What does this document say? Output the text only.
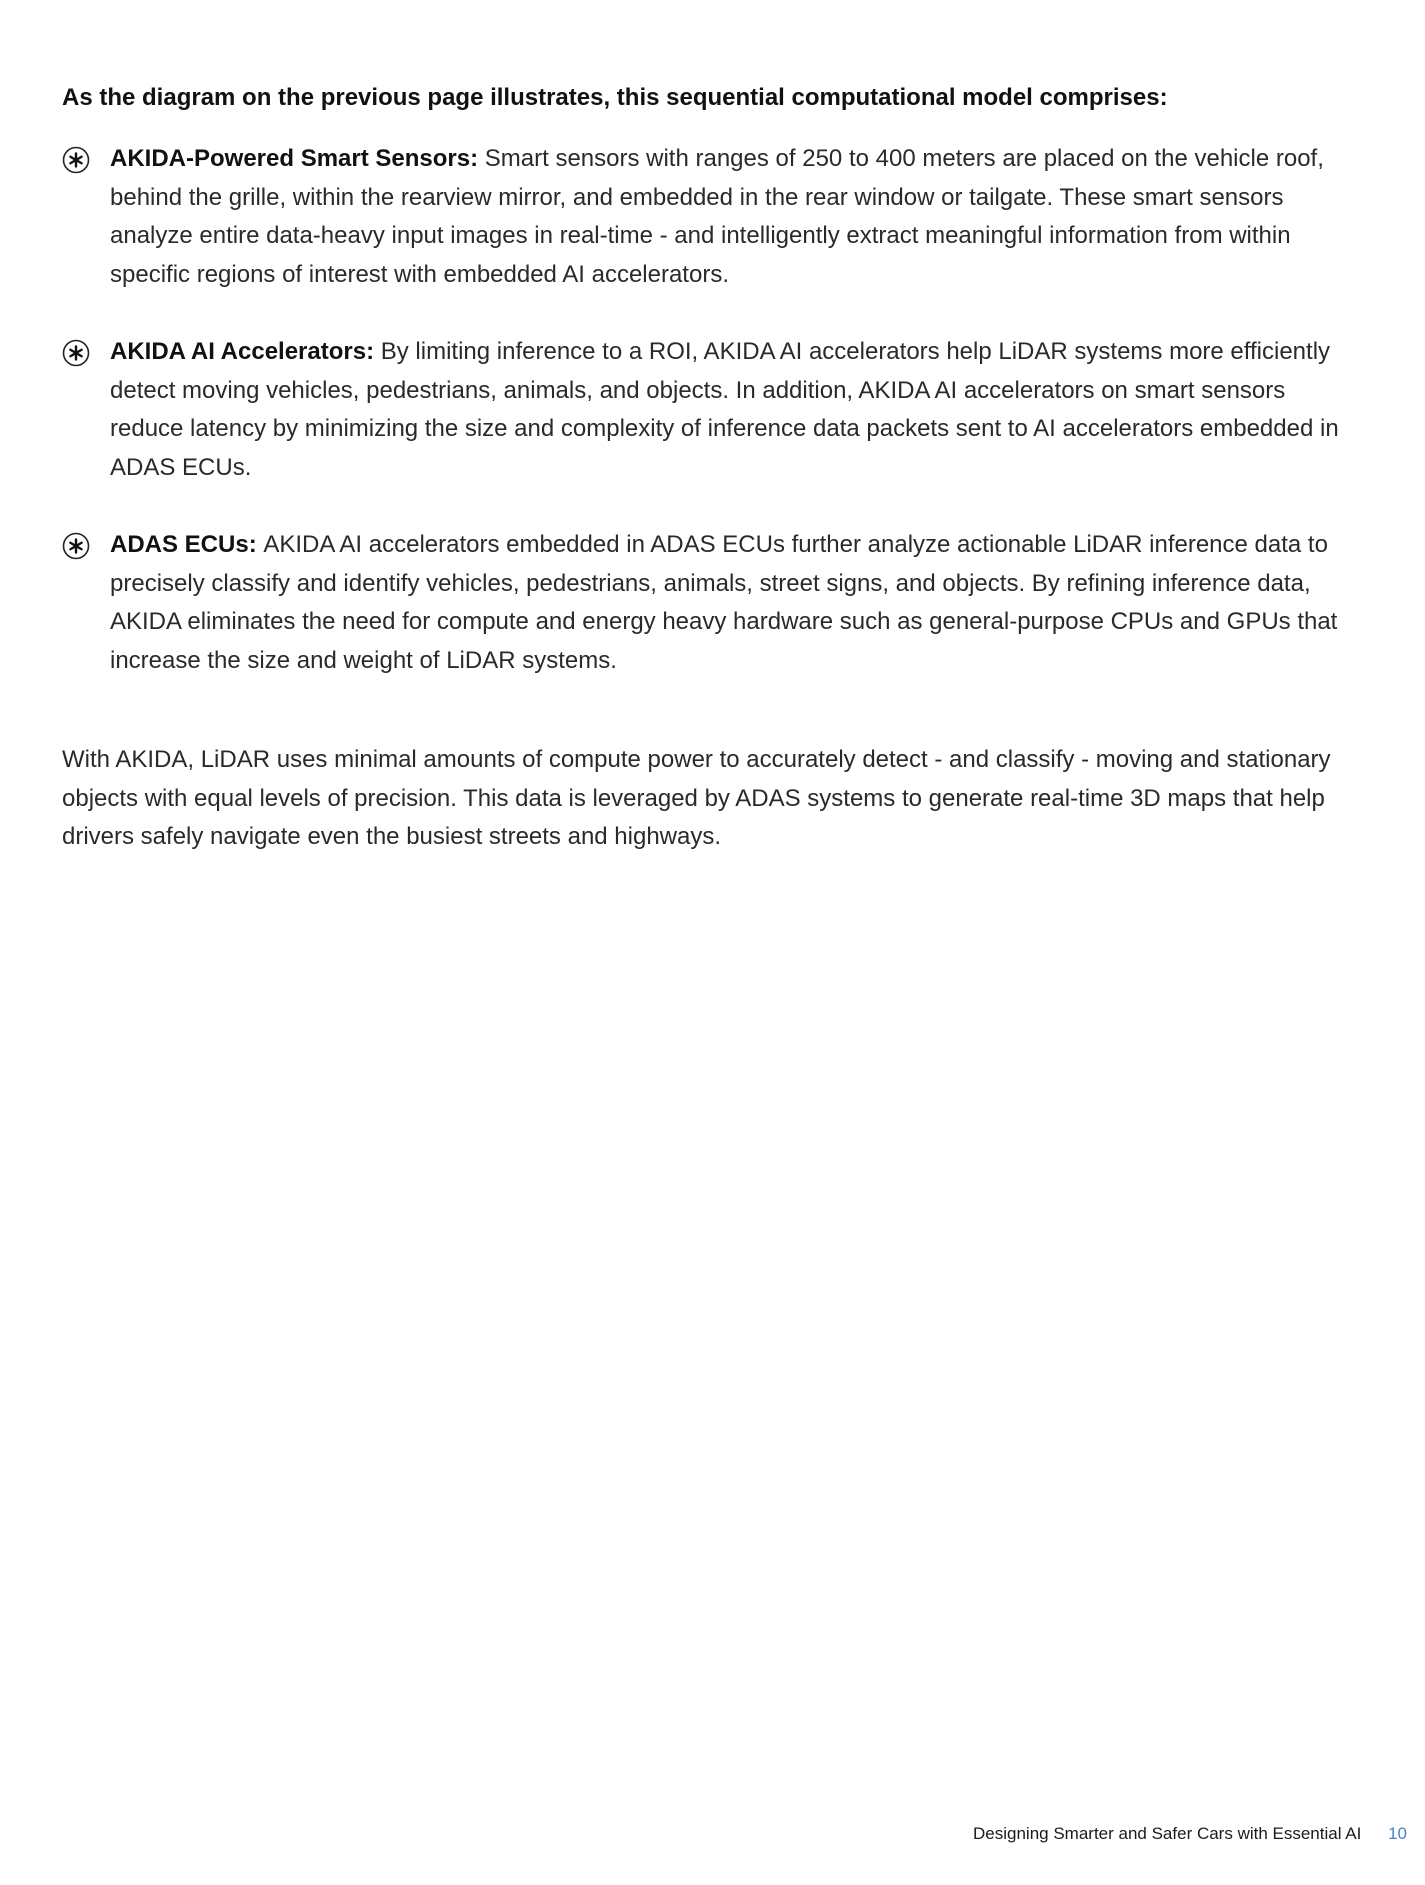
As the diagram on the previous page illustrates, this sequential computational model comprises:
AKIDA-Powered Smart Sensors: Smart sensors with ranges of 250 to 400 meters are placed on the vehicle roof, behind the grille, within the rearview mirror, and embedded in the rear window or tailgate. These smart sensors analyze entire data-heavy input images in real-time - and intelligently extract meaningful information from within specific regions of interest with embedded AI accelerators.
AKIDA AI Accelerators: By limiting inference to a ROI, AKIDA AI accelerators help LiDAR systems more efficiently detect moving vehicles, pedestrians, animals, and objects. In addition, AKIDA AI accelerators on smart sensors reduce latency by minimizing the size and complexity of inference data packets sent to AI accelerators embedded in ADAS ECUs.
ADAS ECUs: AKIDA AI accelerators embedded in ADAS ECUs further analyze actionable LiDAR inference data to precisely classify and identify vehicles, pedestrians, animals, street signs, and objects. By refining inference data, AKIDA eliminates the need for compute and energy heavy hardware such as general-purpose CPUs and GPUs that increase the size and weight of LiDAR systems.

With AKIDA, LiDAR uses minimal amounts of compute power to accurately detect - and classify - moving and stationary objects with equal levels of precision. This data is leveraged by ADAS systems to generate real-time 3D maps that help drivers safely navigate even the busiest streets and highways.

Designing Smarter and Safer Cars with Essential AI 10
